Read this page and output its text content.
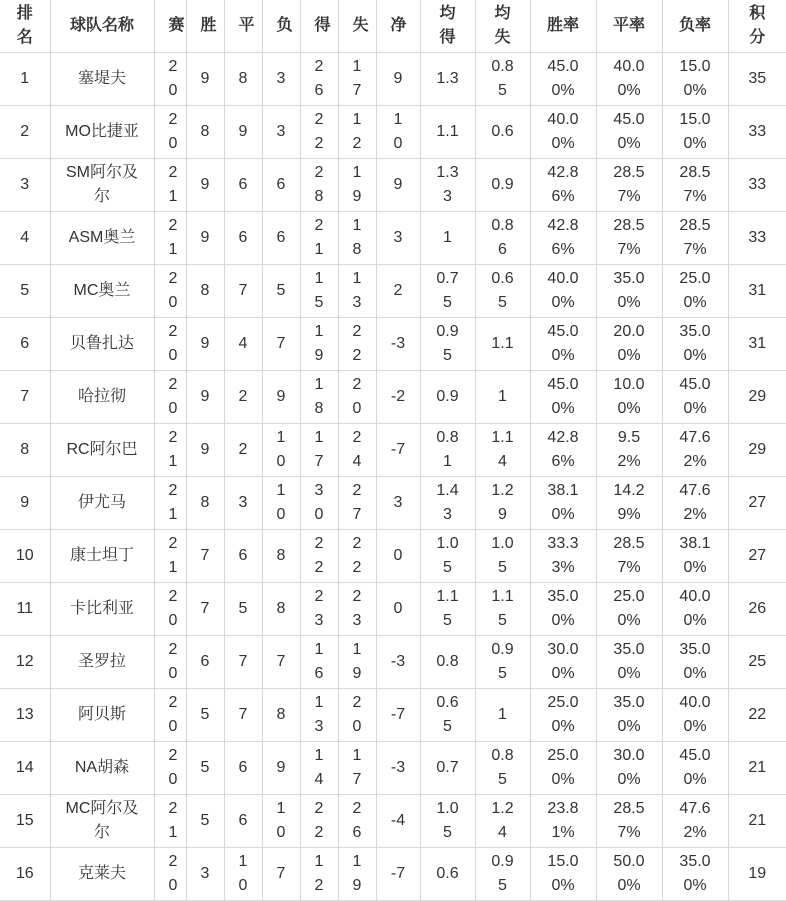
排名	球队名称	赛	胜	平	负	得	失	净	均得	均失	胜率	平率	负率	积分
1	塞堤夫	20	9	8	3	26	17	9	1.3	0.85	45.00%	40.00%	15.00%	35
2	MO比捷亚	20	8	9	3	22	12	10	1.1	0.6	40.00%	45.00%	15.00%	33
3	SM阿尔及尔	21	9	6	6	28	19	9	1.33	0.9	42.86%	28.57%	28.57%	33
4	ASM奥兰	21	9	6	6	21	18	3	1	0.86	42.86%	28.57%	28.57%	33
5	MC奥兰	20	8	7	5	15	13	2	0.75	0.65	40.00%	35.00%	25.00%	31
6	贝鲁扎达	20	9	4	7	19	22	-3	0.95	1.1	45.00%	20.00%	35.00%	31
7	哈拉彻	20	9	2	9	18	20	-2	0.9	1	45.00%	10.00%	45.00%	29
8	RC阿尔巴	21	9	2	10	17	24	-7	0.81	1.14	42.86%	9.52%	47.62%	29
9	伊尤马	21	8	3	10	30	27	3	1.43	1.29	38.10%	14.29%	47.62%	27
10	康士坦丁	21	7	6	8	22	22	0	1.05	1.05	33.33%	28.57%	38.10%	27
11	卡比利亚	20	7	5	8	23	23	0	1.15	1.15	35.00%	25.00%	40.00%	26
12	圣罗拉	20	6	7	7	16	19	-3	0.8	0.95	30.00%	35.00%	35.00%	25
13	阿贝斯	20	5	7	8	13	20	-7	0.65	1	25.00%	35.00%	40.00%	22
14	NA胡森	20	5	6	9	14	17	-3	0.7	0.85	25.00%	30.00%	45.00%	21
15	MC阿尔及尔	21	5	6	10	22	26	-4	1.05	1.24	23.81%	28.57%	47.62%	21
16	克莱夫	20	3	10	7	12	19	-7	0.6	0.95	15.00%	50.00%	35.00%	19
